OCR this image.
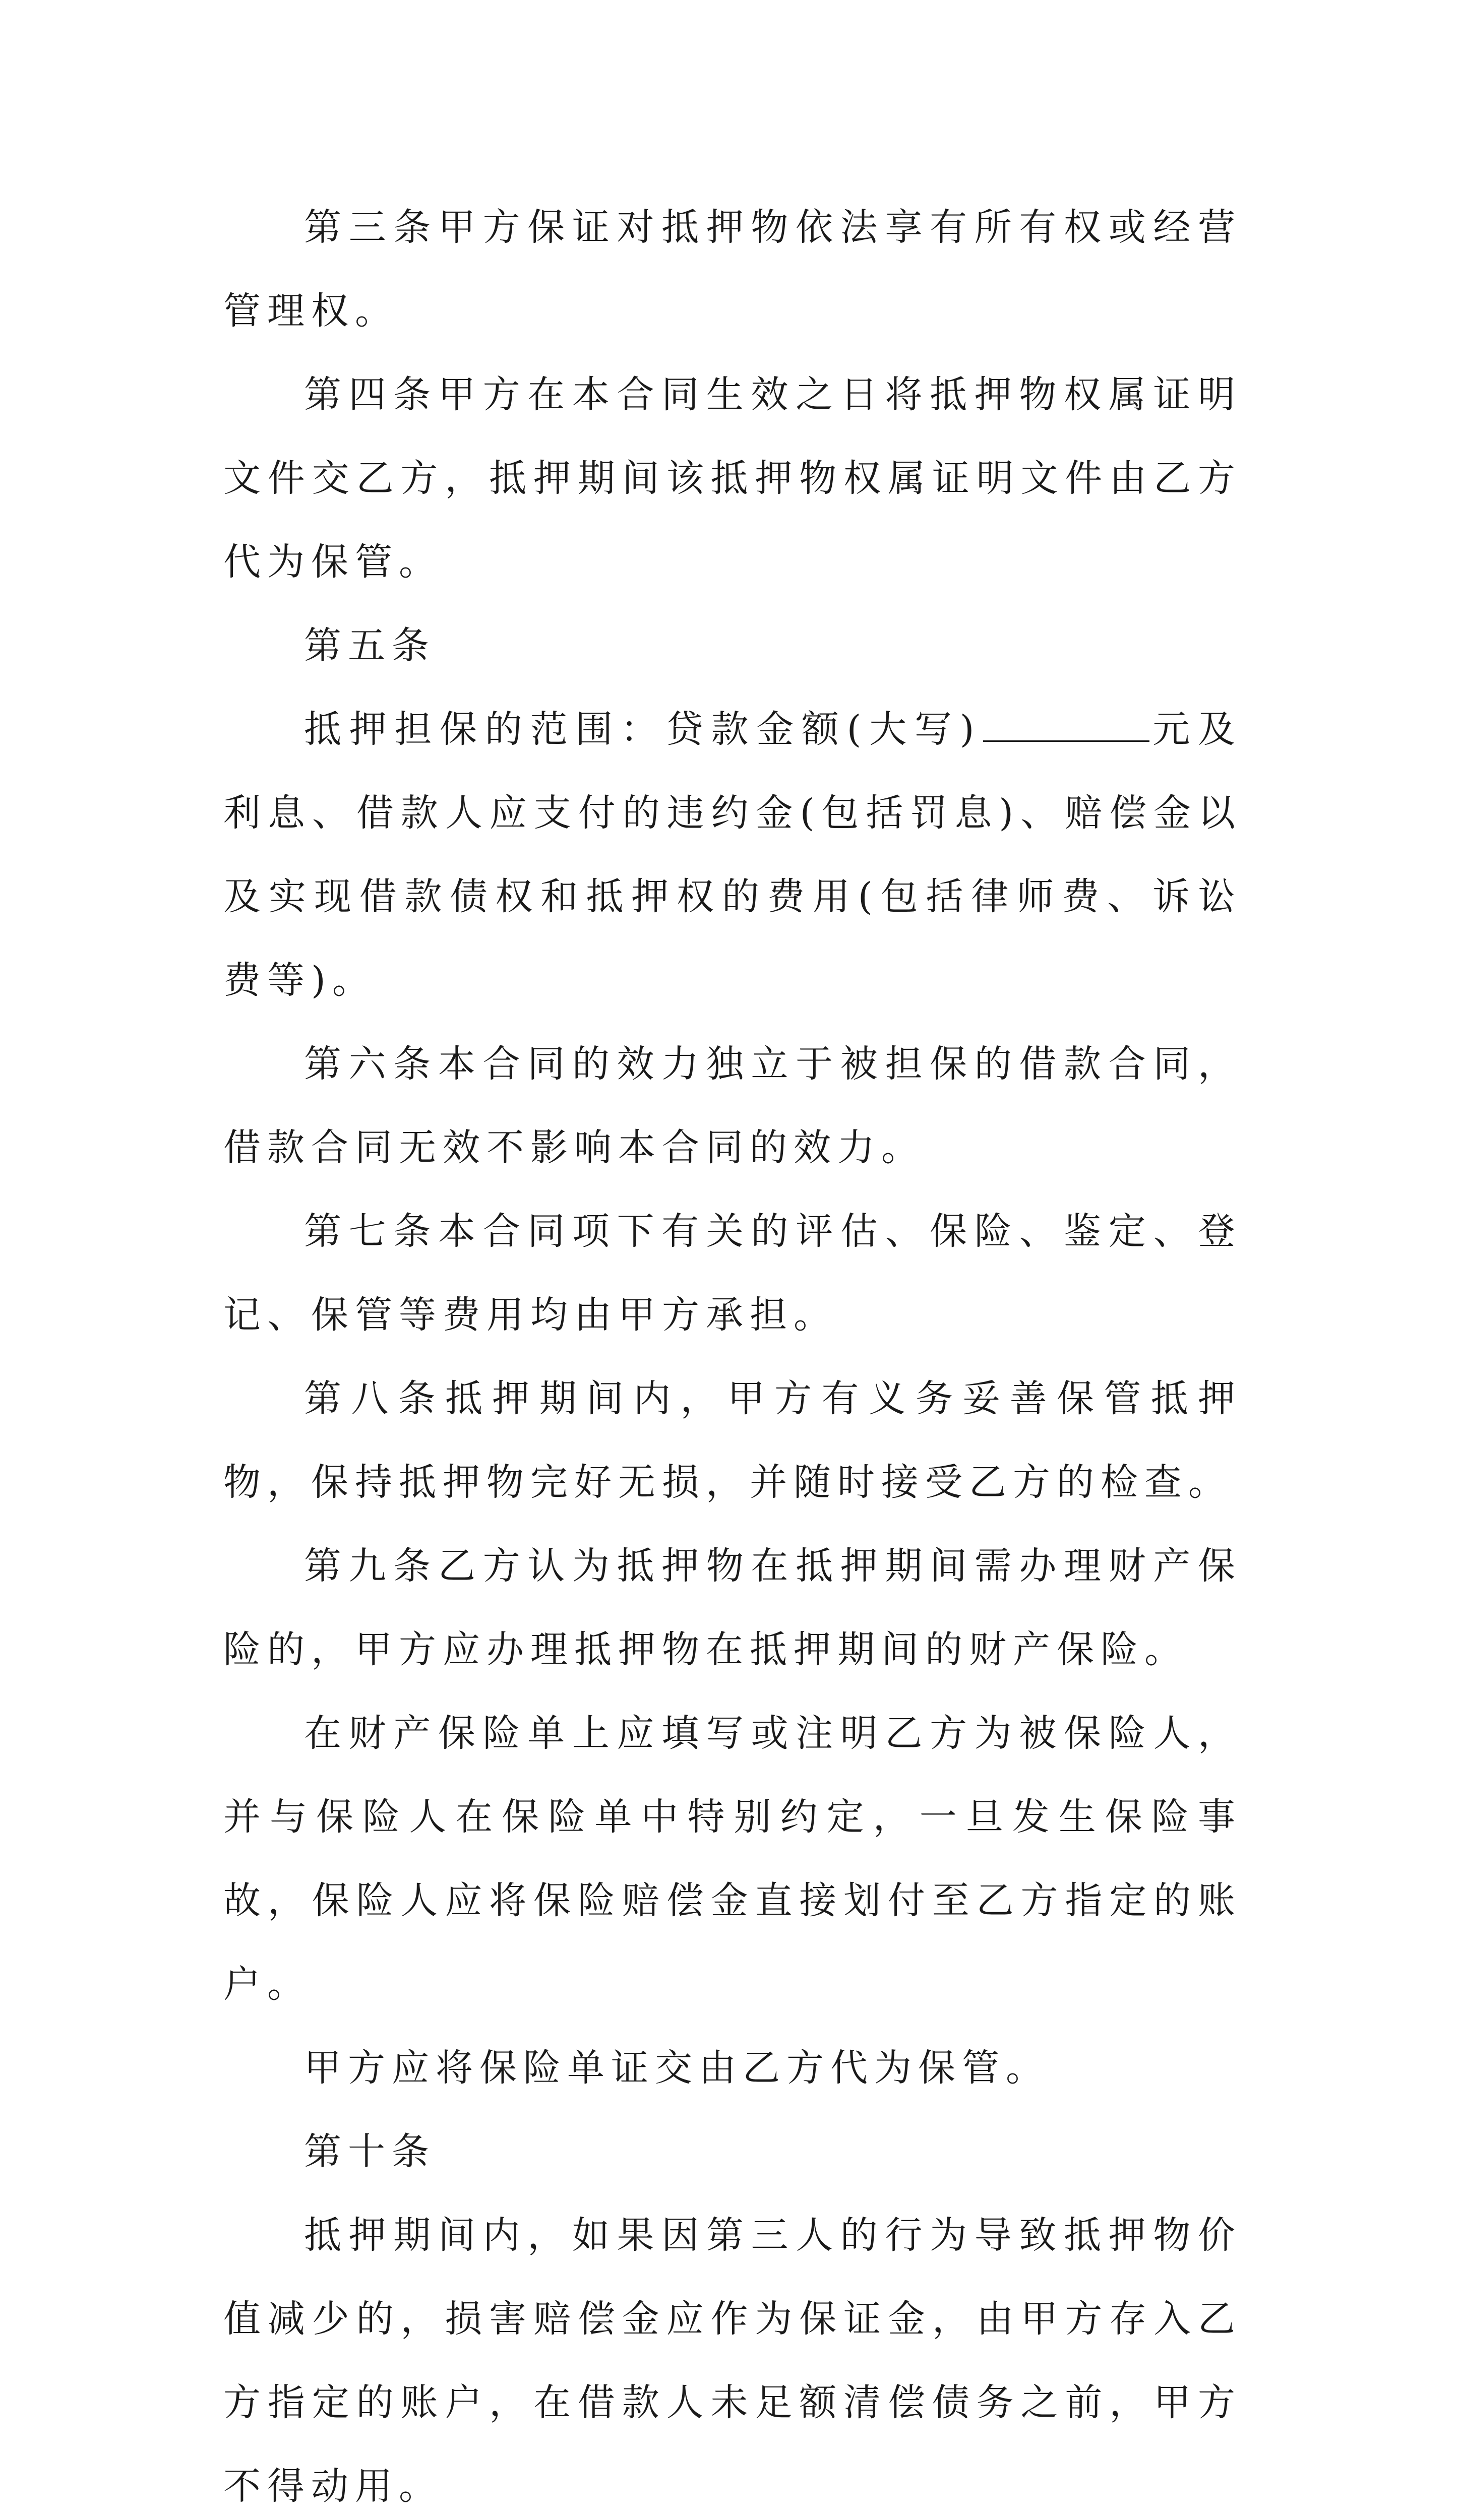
第三条甲方保证对抵押物依法享有所有权或经营管理权。

第四条甲方在本合同生效之日将抵押物权属证明文件交乙方，抵押期间该抵押物权属证明文件由乙方代为保管。

第五条

抵押担保的范围：贷款金额(大写)	元及利息、借款人应支付的违约金(包括罚息)、赔偿金以及实现借款债权和抵押权的费用(包括律师费、诉讼费等)。

第六条本合同的效力独立于被担保的借款合同，借款合同无效不影响本合同的效力。

第七条本合同项下有关的评估、保险、鉴定、登记、保管等费用均由甲方承担。

第八条抵押期间内，甲方有义务妥善保管抵押物，保持抵押物完好无损，并随时接受乙方的检查。

第九条乙方认为抵押物在抵押期间需办理财产保险的，甲方应办理抵押物在抵押期间的财产保险。

在财产保险单上应填写或注明乙方为被保险人，并与保险人在保险单中特别约定，一旦发生保险事故，保险人应将保险赔偿金直接划付至乙方指定的账户。

甲方应将保险单证交由乙方代为保管。

第十条

抵押期间内，如果因第三人的行为导致抵押物价值减少的，损害赔偿金应作为保证金，由甲方存入乙方指定的账户，在借款人未足额清偿债务之前，甲方不得动用。
